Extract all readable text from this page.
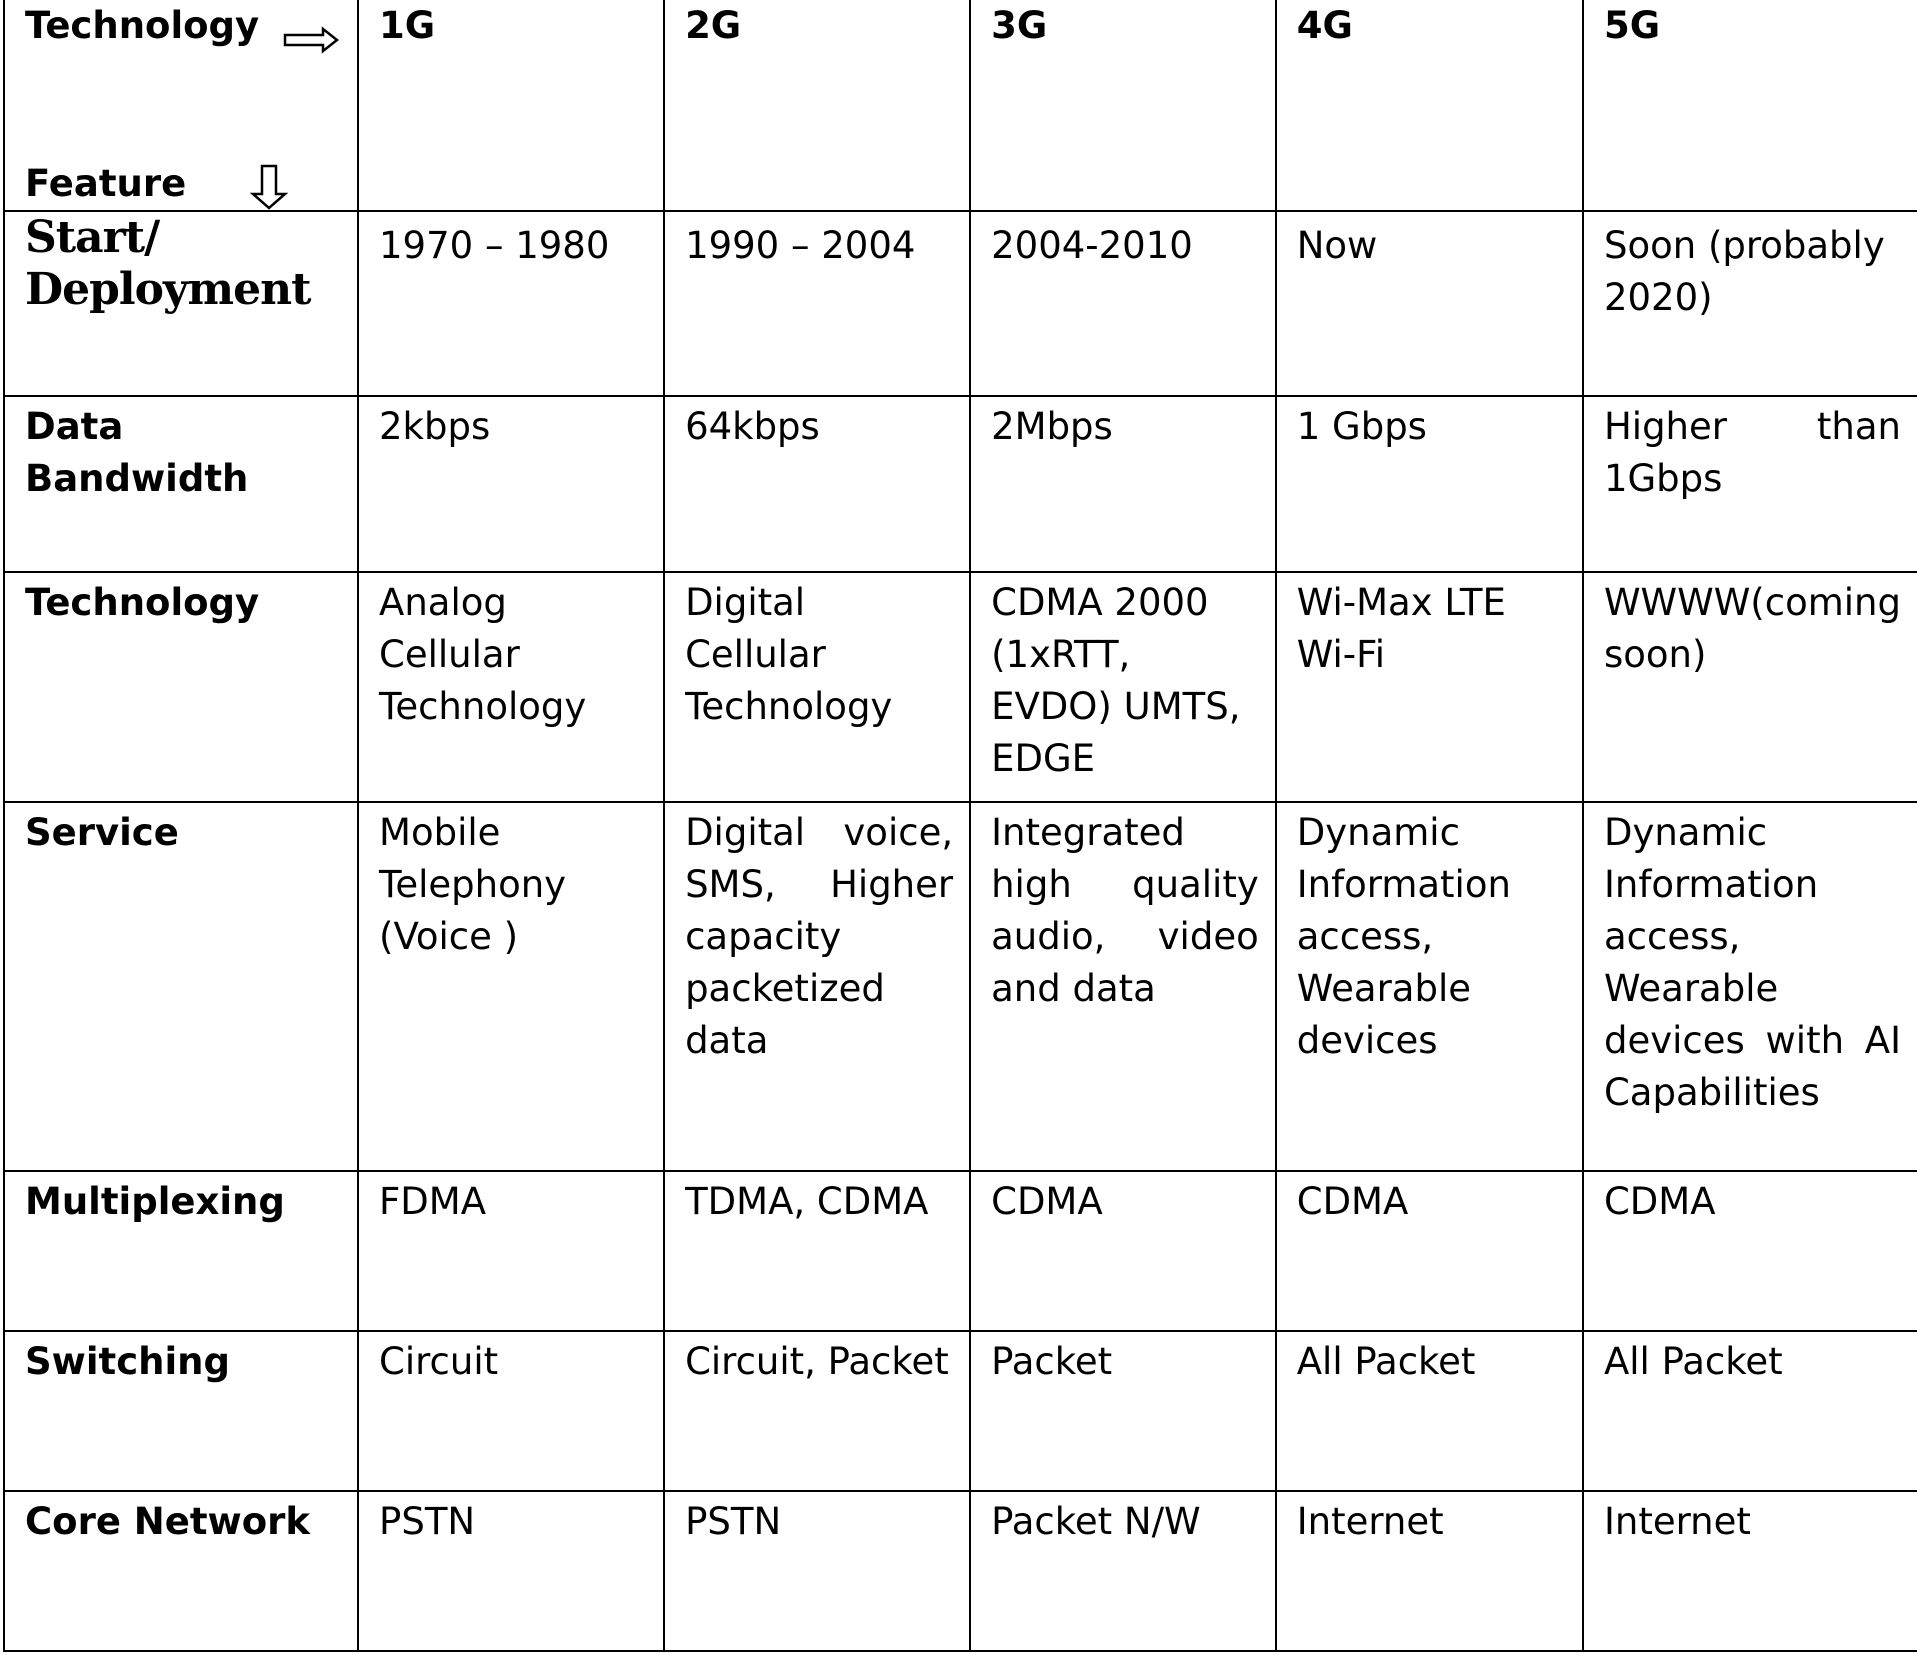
Technology
Feature	1G	2G	3G	4G	5G
Start/ Deployment	1970 – 1980	1990 – 2004	2004-2010	Now	Soon (probably 2020)
Data Bandwidth	2kbps	64kbps	2Mbps	1 Gbps	Higher than 1Gbps
Technology	Analog Cellular Technology	Digital Cellular Technology	CDMA 2000 (1xRTT, EVDO) UMTS, EDGE	Wi-Max LTE Wi-Fi	WWWW(coming soon)
Service	Mobile Telephony (Voice )	Digital voice, SMS, Higher capacity packetized data	Integrated high quality audio, video and data	Dynamic Information access, Wearable devices	Dynamic Information access, Wearable devices with AI Capabilities
Multiplexing	FDMA	TDMA, CDMA	CDMA	CDMA	CDMA
Switching	Circuit	Circuit, Packet	Packet	All Packet	All Packet
Core Network	PSTN	PSTN	Packet N/W	Internet	Internet
